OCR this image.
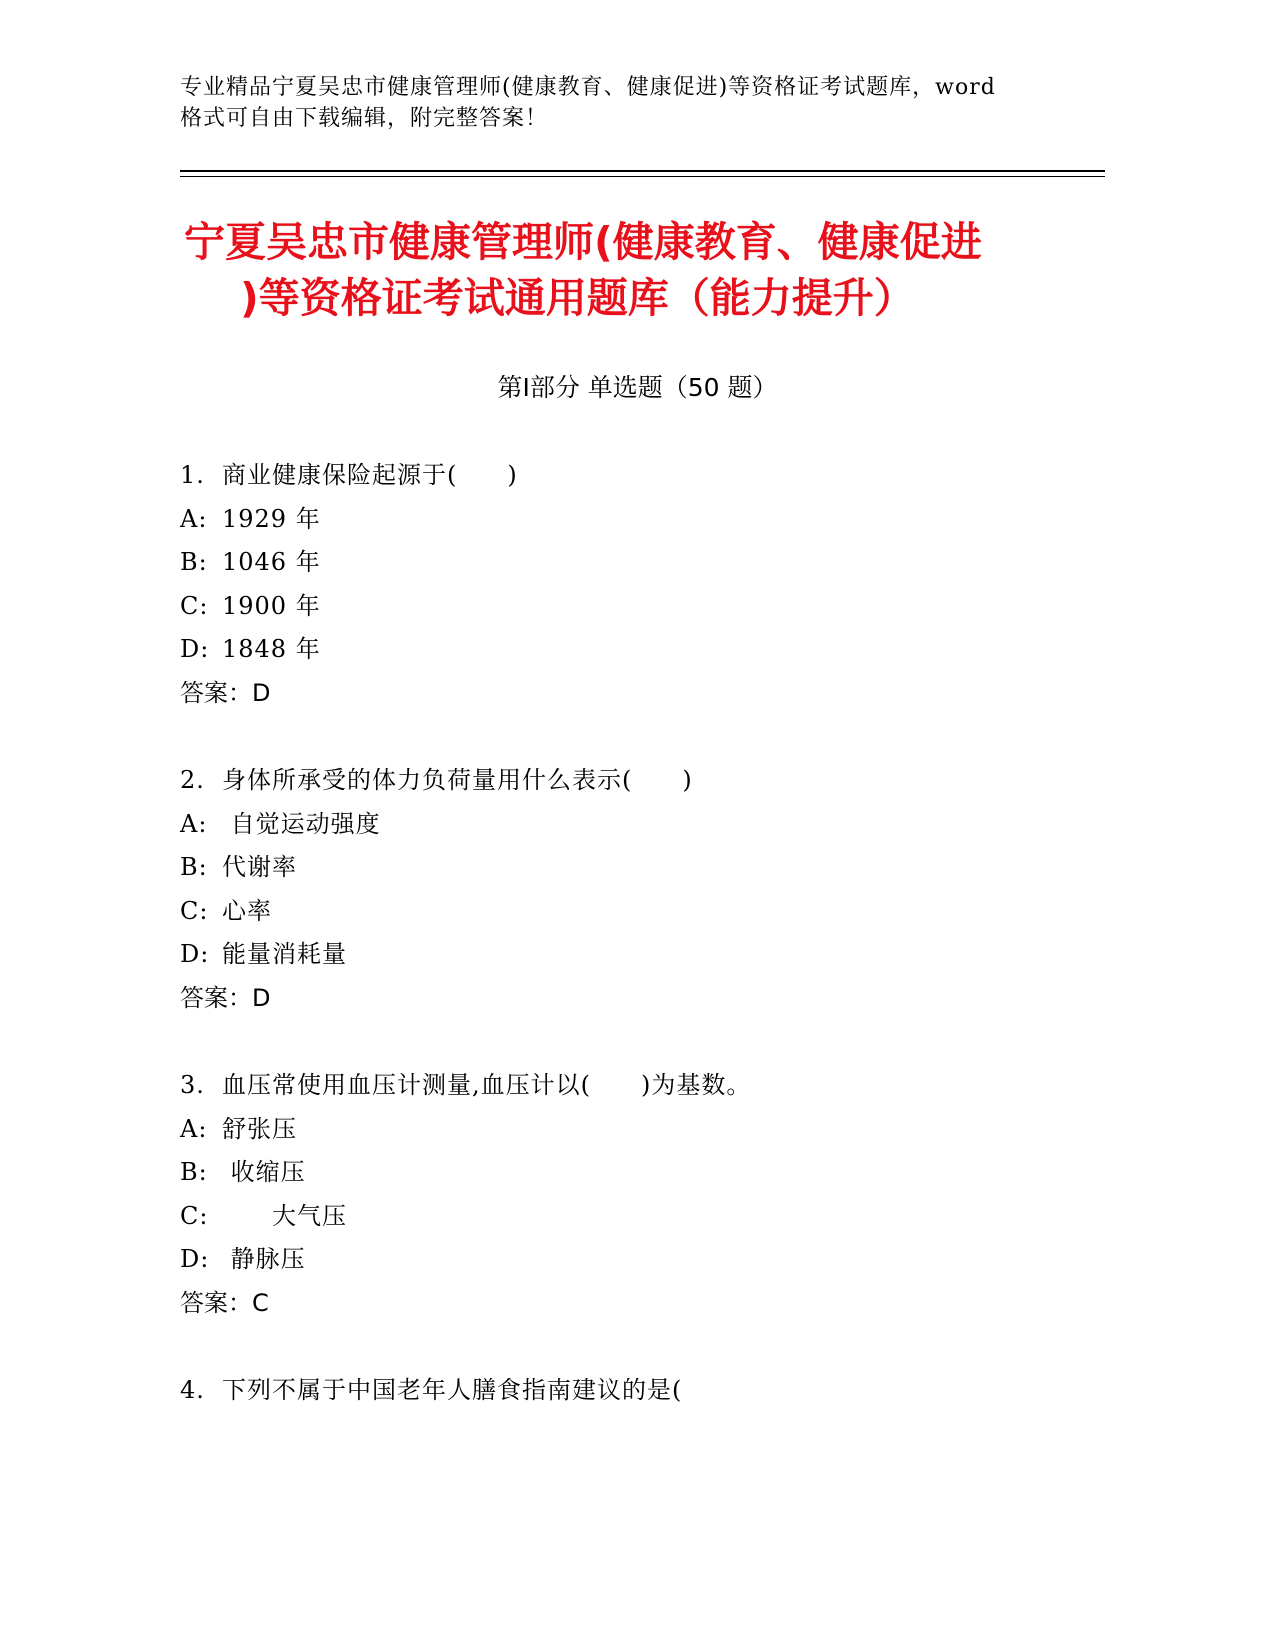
专业精品宁夏吴忠市健康管理师(健康教育、健康促进)等资格证考试题库，word
格式可自由下载编辑，附完整答案！
宁夏吴忠市健康管理师(健康教育、健康促进
)等资格证考试通用题库（能力提升）
第Ⅰ部分 单选题（50 题）
1. 商业健康保险起源于(　　)
A: 1929 年
B: 1046 年
C: 1900 年
D: 1848 年
答案：D
2. 身体所承受的体力负荷量用什么表示(　　)
A: 自觉运动强度
B: 代谢率
C: 心率
D: 能量消耗量
答案：D
3. 血压常使用血压计测量,血压计以(　　)为基数。
A: 舒张压
B: 收缩压
C:　　大气压
D: 静脉压
答案：C
4. 下列不属于中国老年人膳食指南建议的是(
